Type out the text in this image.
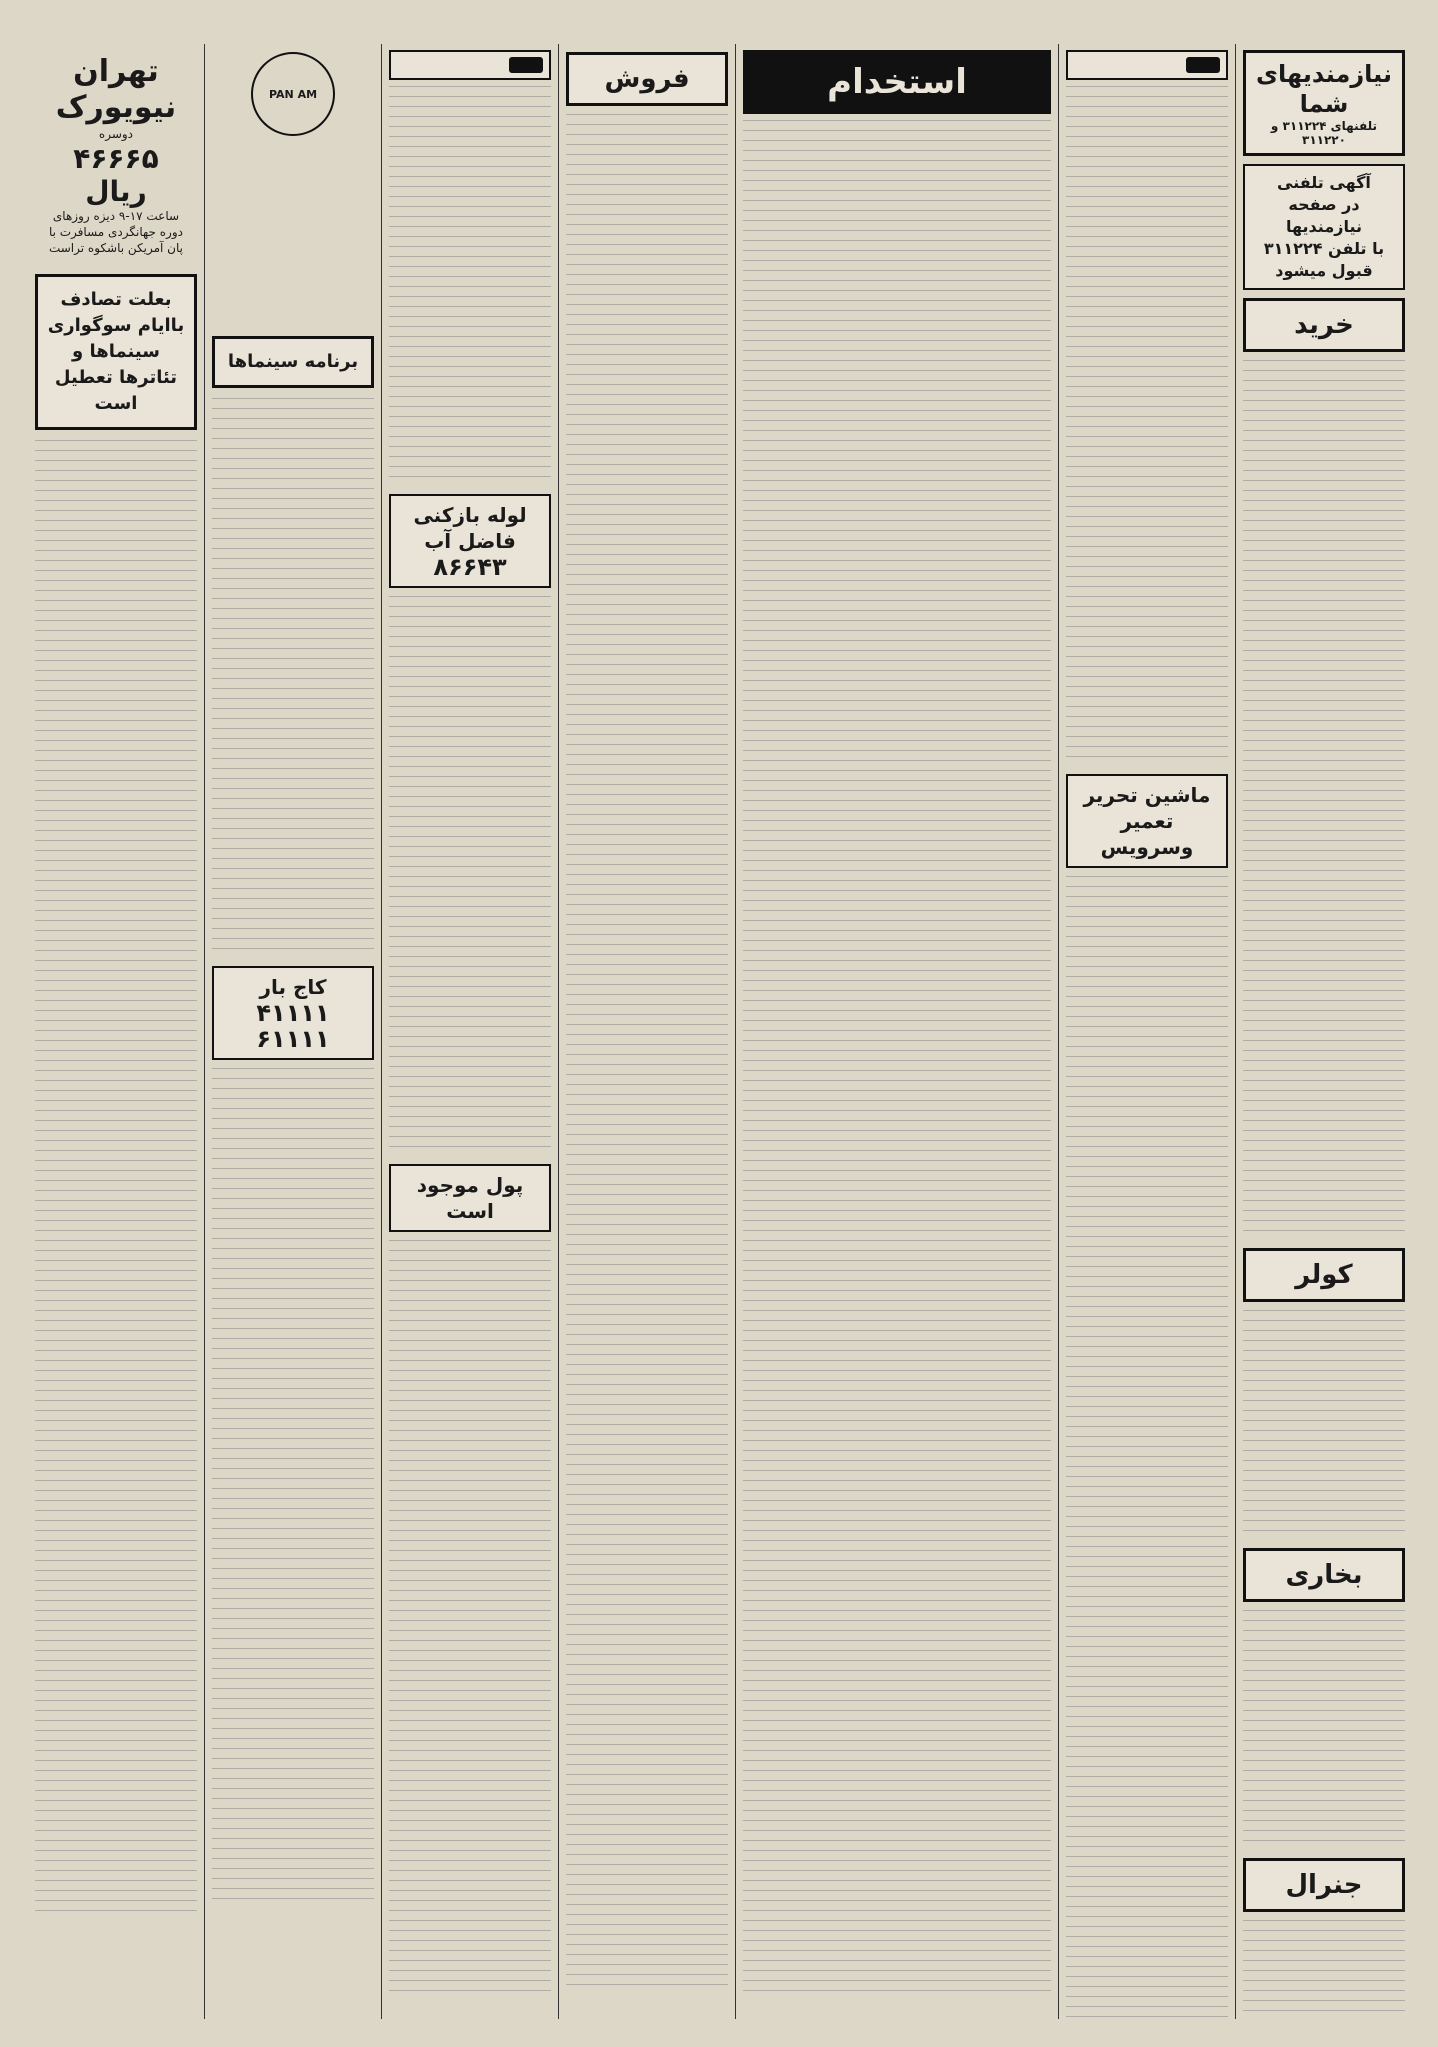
نیازمندیهای شما
تلفنهای ۳۱۱۲۲۴ و ۳۱۱۲۲۰
آگهی تلفنی
در صفحه نیازمندیها
با تلفن ۳۱۱۲۲۴
قبول میشود
خرید
کولر
بخاری
جنرال
ماشین تحریر تعمیر وسرویس
استخدام
فروش
لوله بازکنی فاضل آب
۸۶۶۴۳
پول موجود است
PAN AM
برنامه سینماها
کاج بار
۴۱۱۱۱ ۶۱۱۱۱
تهران
نیویورک
دوسره
۴۶۶۶۵ ریال
ساعت ۱۷-۹ دیزه روزهای دوره جهانگردی مسافرت با پان آمریکن باشکوه تراست
بعلت تصادف باایام سوگواری سینماها و تئاترها تعطیل است
